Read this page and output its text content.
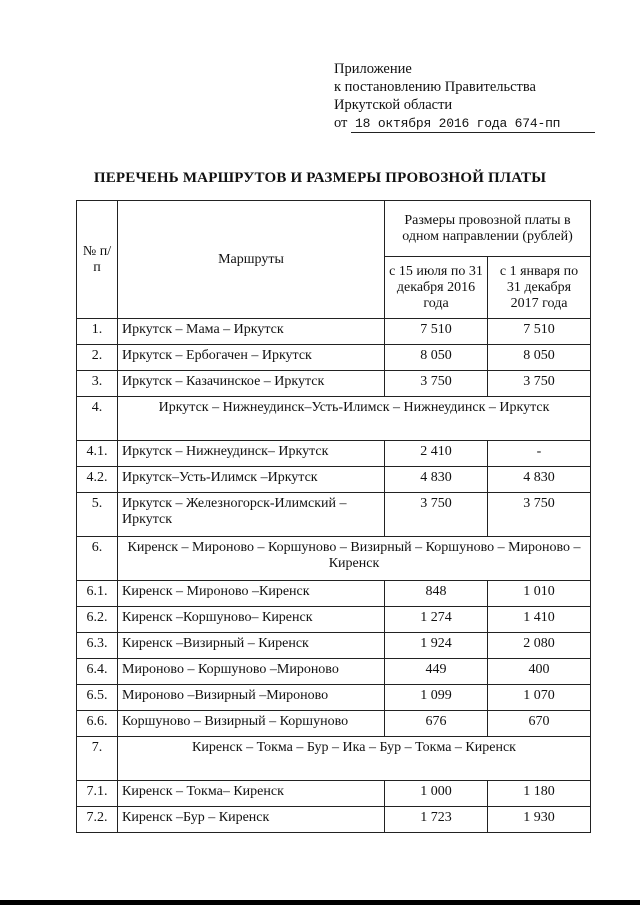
Приложение
к постановлению Правительства
Иркутской области
от 18 октября 2016 года 674-пп
ПЕРЕЧЕНЬ МАРШРУТОВ И РАЗМЕРЫ ПРОВОЗНОЙ ПЛАТЫ
№ п/п	Маршруты	Размеры провозной платы в одном направлении (рублей)	
		с 15 июля по 31 декабря 2016 года	с 1 января по 31 декабря 2017 года
1.	Иркутск – Мама – Иркутск	7 510	7 510
2.	Иркутск – Ербогачен – Иркутск	8 050	8 050
3.	Иркутск – Казачинское – Иркутск	3 750	3 750
4.	Иркутск – Нижнеудинск–Усть-Илимск – Нижнеудинск – Иркутск		
4.1.	Иркутск – Нижнеудинск– Иркутск	2 410	-
4.2.	Иркутск–Усть-Илимск –Иркутск	4 830	4 830
5.	Иркутск – Железногорск-Илимский – Иркутск	3 750	3 750
6.	Киренск – Мироново – Коршуново – Визирный – Коршуново – Мироново – Киренск		
6.1.	Киренск – Мироново –Киренск	848	1 010
6.2.	Киренск –Коршуново– Киренск	1 274	1 410
6.3.	Киренск –Визирный – Киренск	1 924	2 080
6.4.	Мироново – Коршуново –Мироново	449	400
6.5.	Мироново –Визирный –Мироново	1 099	1 070
6.6.	Коршуново – Визирный – Коршуново	676	670
7.	Киренск – Токма – Бур – Ика – Бур – Токма – Киренск		
7.1.	Киренск – Токма– Киренск	1 000	1 180
7.2.	Киренск –Бур – Киренск	1 723	1 930
